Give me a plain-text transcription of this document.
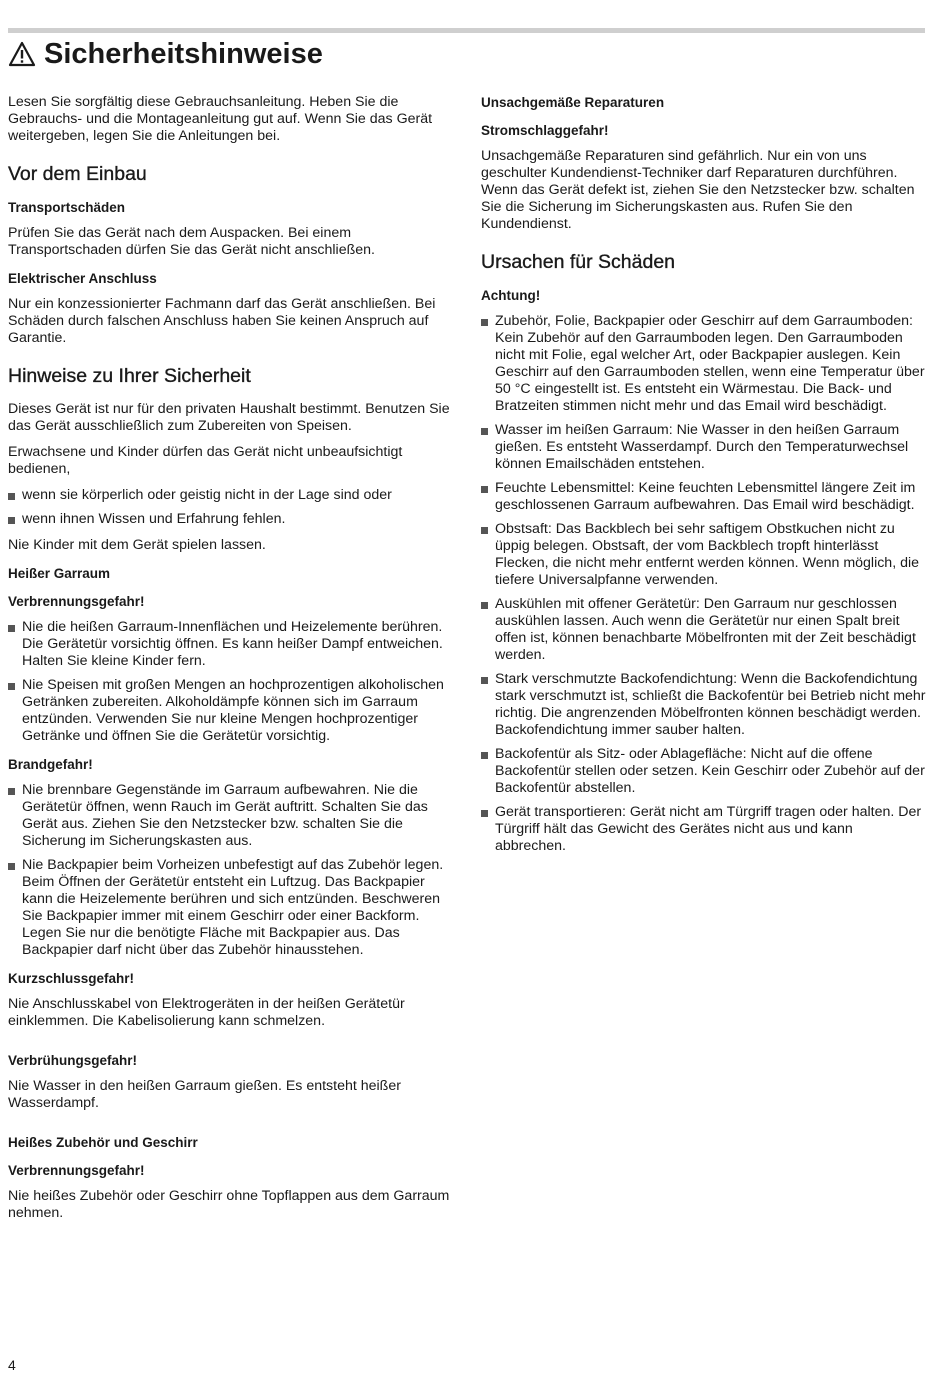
Sicherheitshinweise

Lesen Sie sorgfältig diese Gebrauchsanleitung. Heben Sie die Gebrauchs- und die Montageanleitung gut auf. Wenn Sie das Gerät weitergeben, legen Sie die Anleitungen bei.

Vor dem Einbau
Transportschäden

Prüfen Sie das Gerät nach dem Auspacken. Bei einem Transportschaden dürfen Sie das Gerät nicht anschließen.

Elektrischer Anschluss

Nur ein konzessionierter Fachmann darf das Gerät anschließen. Bei Schäden durch falschen Anschluss haben Sie keinen Anspruch auf Garantie.

Hinweise zu Ihrer Sicherheit

Dieses Gerät ist nur für den privaten Haushalt bestimmt. Benutzen Sie das Gerät ausschließlich zum Zubereiten von Speisen.

Erwachsene und Kinder dürfen das Gerät nicht unbeaufsichtigt bedienen,

wenn sie körperlich oder geistig nicht in der Lage sind oder
wenn ihnen Wissen und Erfahrung fehlen.

Nie Kinder mit dem Gerät spielen lassen.

Heißer Garraum
Verbrennungsgefahr!
Nie die heißen Garraum-Innenflächen und Heizelemente berühren. Die Gerätetür vorsichtig öffnen. Es kann heißer Dampf entweichen. Halten Sie kleine Kinder fern.
Nie Speisen mit großen Mengen an hochprozentigen alkoholischen Getränken zubereiten. Alkoholdämpfe können sich im Garraum entzünden. Verwenden Sie nur kleine Mengen hochprozentiger Getränke und öffnen Sie die Gerätetür vorsichtig.
Brandgefahr!
Nie brennbare Gegenstände im Garraum aufbewahren. Nie die Gerätetür öffnen, wenn Rauch im Gerät auftritt. Schalten Sie das Gerät aus. Ziehen Sie den Netzstecker bzw. schalten Sie die Sicherung im Sicherungskasten aus.
Nie Backpapier beim Vorheizen unbefestigt auf das Zubehör legen. Beim Öffnen der Gerätetür entsteht ein Luftzug. Das Backpapier kann die Heizelemente berühren und sich entzünden. Beschweren Sie Backpapier immer mit einem Geschirr oder einer Backform. Legen Sie nur die benötigte Fläche mit Backpapier aus. Das Backpapier darf nicht über das Zubehör hinausstehen.
Kurzschlussgefahr!

Nie Anschlusskabel von Elektrogeräten in der heißen Gerätetür einklemmen. Die Kabelisolierung kann schmelzen.

Verbrühungsgefahr!

Nie Wasser in den heißen Garraum gießen. Es entsteht heißer Wasserdampf.

Heißes Zubehör und Geschirr
Verbrennungsgefahr!

Nie heißes Zubehör oder Geschirr ohne Topflappen aus dem Garraum nehmen.

Unsachgemäße Reparaturen
Stromschlaggefahr!

Unsachgemäße Reparaturen sind gefährlich. Nur ein von uns geschulter Kundendienst-Techniker darf Reparaturen durchführen. Wenn das Gerät defekt ist, ziehen Sie den Netzstecker bzw. schalten Sie die Sicherung im Sicherungskasten aus. Rufen Sie den Kundendienst.

Ursachen für Schäden
Achtung!
Zubehör, Folie, Backpapier oder Geschirr auf dem Garraumboden: Kein Zubehör auf den Garraumboden legen. Den Garraumboden nicht mit Folie, egal welcher Art, oder Backpapier auslegen. Kein Geschirr auf den Garraumboden stellen, wenn eine Temperatur über 50 °C eingestellt ist. Es entsteht ein Wärmestau. Die Back- und Bratzeiten stimmen nicht mehr und das Email wird beschädigt.
Wasser im heißen Garraum: Nie Wasser in den heißen Garraum gießen. Es entsteht Wasserdampf. Durch den Temperaturwechsel können Emailschäden entstehen.
Feuchte Lebensmittel: Keine feuchten Lebensmittel längere Zeit im geschlossenen Garraum aufbewahren. Das Email wird beschädigt.
Obstsaft: Das Backblech bei sehr saftigem Obstkuchen nicht zu üppig belegen. Obstsaft, der vom Backblech tropft hinterlässt Flecken, die nicht mehr entfernt werden können. Wenn möglich, die tiefere Universalpfanne verwenden.
Auskühlen mit offener Gerätetür: Den Garraum nur geschlossen auskühlen lassen. Auch wenn die Gerätetür nur einen Spalt breit offen ist, können benachbarte Möbelfronten mit der Zeit beschädigt werden.
Stark verschmutzte Backofendichtung: Wenn die Backofendichtung stark verschmutzt ist, schließt die Backofentür bei Betrieb nicht mehr richtig. Die angrenzenden Möbelfronten können beschädigt werden. Backofendichtung immer sauber halten.
Backofentür als Sitz- oder Ablagefläche: Nicht auf die offene Backofentür stellen oder setzen. Kein Geschirr oder Zubehör auf der Backofentür abstellen.
Gerät transportieren: Gerät nicht am Türgriff tragen oder halten. Der Türgriff hält das Gewicht des Gerätes nicht aus und kann abbrechen.
4
